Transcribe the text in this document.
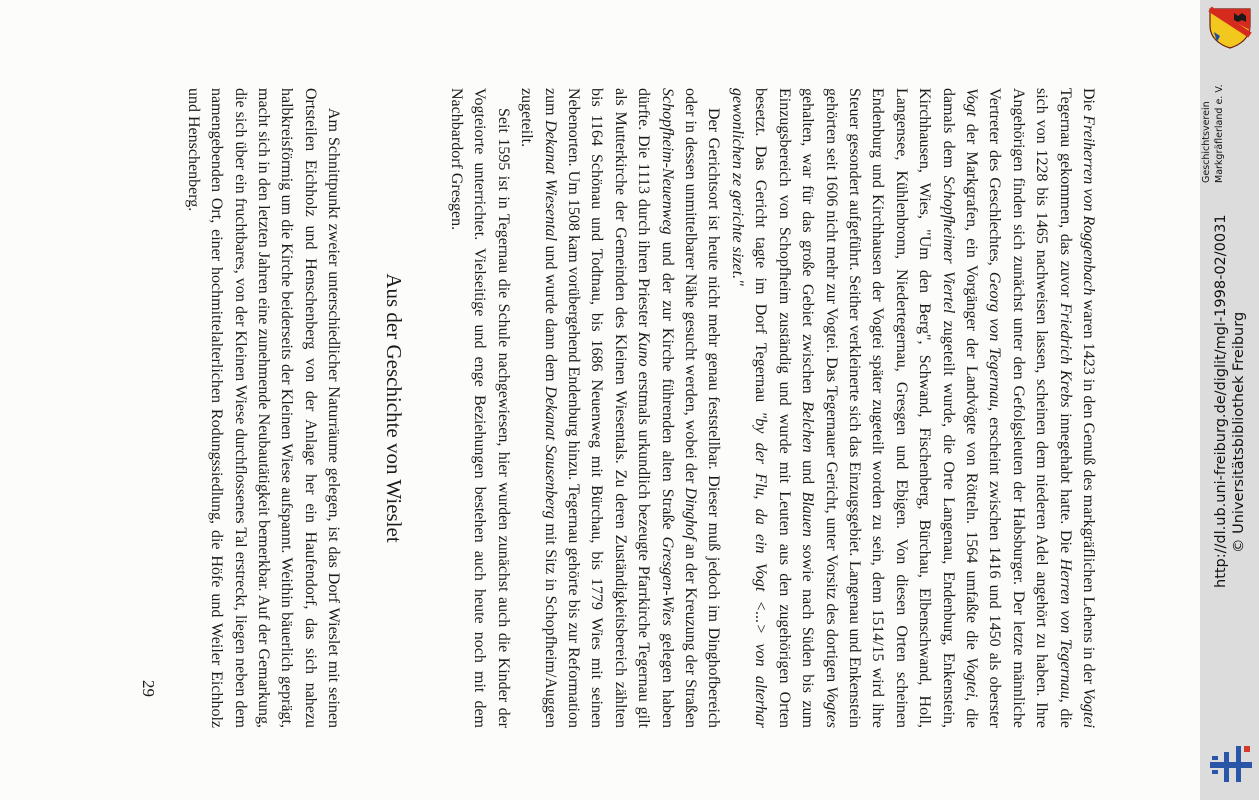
Die Freiherren von Roggenbach waren 1423 in den Genuß des markgräflichen Lehens in der Vogtei Tegernau gekommen, das zuvor Friedrich Krebs innegehabt hatte. Die Herren von Tegernau, die sich von 1228 bis 1465 nachweisen lassen, scheinen dem niederen Adel angehört zu haben. Ihre Angehörigen finden sich zunächst unter den Gefolgsleuten der Habsburger. Der letzte männliche Vertreter des Geschlechtes, Georg von Tegernau, erscheint zwischen 1416 und 1450 als oberster Vogt der Markgrafen, ein Vorgänger der Landvögte von Rötteln. 1564 umfaßte die Vogtei, die damals dem Schopfheimer Viertel zugeteilt wurde, die Orte Langenau, Endenburg, Enkenstein, Kirchhausen, Wies, "Um den Berg", Schwand, Fischenberg, Bürchau, Elbenschwand, Holl, Langensee, Kühlenbronn, Niedertegernau, Gresgen und Ebigen. Von diesen Orten scheinen Endenburg und Kirchhausen der Vogtei später zugeteilt worden zu sein, denn 1514/15 wird ihre Steuer gesondert aufgeführt. Seither verkleinerte sich das Einzugsgebiet. Langenau und Enkenstein gehörten seit 1606 nicht mehr zur Vogtei. Das Tegernauer Gericht, unter Vorsitz des dortigen Vogtes gehalten, war für das große Gebiet zwischen Belchen und Blauen sowie nach Süden bis zum Einzugsbereich von Schopfheim zuständig und wurde mit Leuten aus den zugehörigen Orten besetzt. Das Gericht tagte im Dorf Tegernau "by der Flu, da ein Vogt <...> von alterhar gewonlichen ze gerichte sizet."

Der Gerichtsort ist heute nicht mehr genau feststellbar. Dieser muß jedoch im Dinghofbereich oder in dessen unmittelbarer Nähe gesucht werden, wobei der Dinghof an der Kreuzung der Straßen Schopfheim-Neuenweg und der zur Kirche führenden alten Straße Gresgen-Wies gelegen haben dürfte. Die 1113 durch ihren Priester Kuno erstmals urkundlich bezeugte Pfarrkirche Tegernau gilt als Mutterkirche der Gemeinden des Kleinen Wiesentals. Zu deren Zuständigkeitsbereich zählten bis 1164 Schönau und Todtnau, bis 1686 Neuenweg mit Bürchau, bis 1779 Wies mit seinen Nebenorten. Um 1508 kam vorübergehend Endenburg hinzu. Tegernau gehörte bis zur Reformation zum Dekanat Wiesental und wurde dann dem Dekanat Sausenberg mit Sitz in Schopfheim/Auggen zugeteilt.

Seit 1595 ist in Tegernau die Schule nachgewiesen, hier wurden zunächst auch die Kinder der Vogteiorte unterrichtet. Vielseitige und enge Beziehungen bestehen auch heute noch mit dem Nachbardorf Gresgen.

Aus der Geschichte von Wieslet

Am Schnittpunkt zweier unterschiedlicher Naturräume gelegen, ist das Dorf Wieslet mit seinen Ortsteilen Eichholz und Henschenberg von der Anlage her ein Haufendorf, das sich nahezu halbkreisförmig um die Kirche beiderseits der Kleinen Wiese aufspannt. Weithin bäuerlich geprägt, macht sich in den letzten Jahren eine zunehmende Neubautätigkeit bemerkbar. Auf der Gemarkung, die sich über ein fruchtbares, von der Kleinen Wiese durchflossenes Tal erstreckt, liegen neben dem namengebenden Ort, einer hochmittelalterlichen Rodungssiedlung, die Höfe und Weiler Eichholz und Henschenberg.

29
Geschichtsverein Markgräflerland e. V.
http://dl.ub.uni-freiburg.de/diglit/mgl-1998-02/0031 © Universitätsbibliothek Freiburg
